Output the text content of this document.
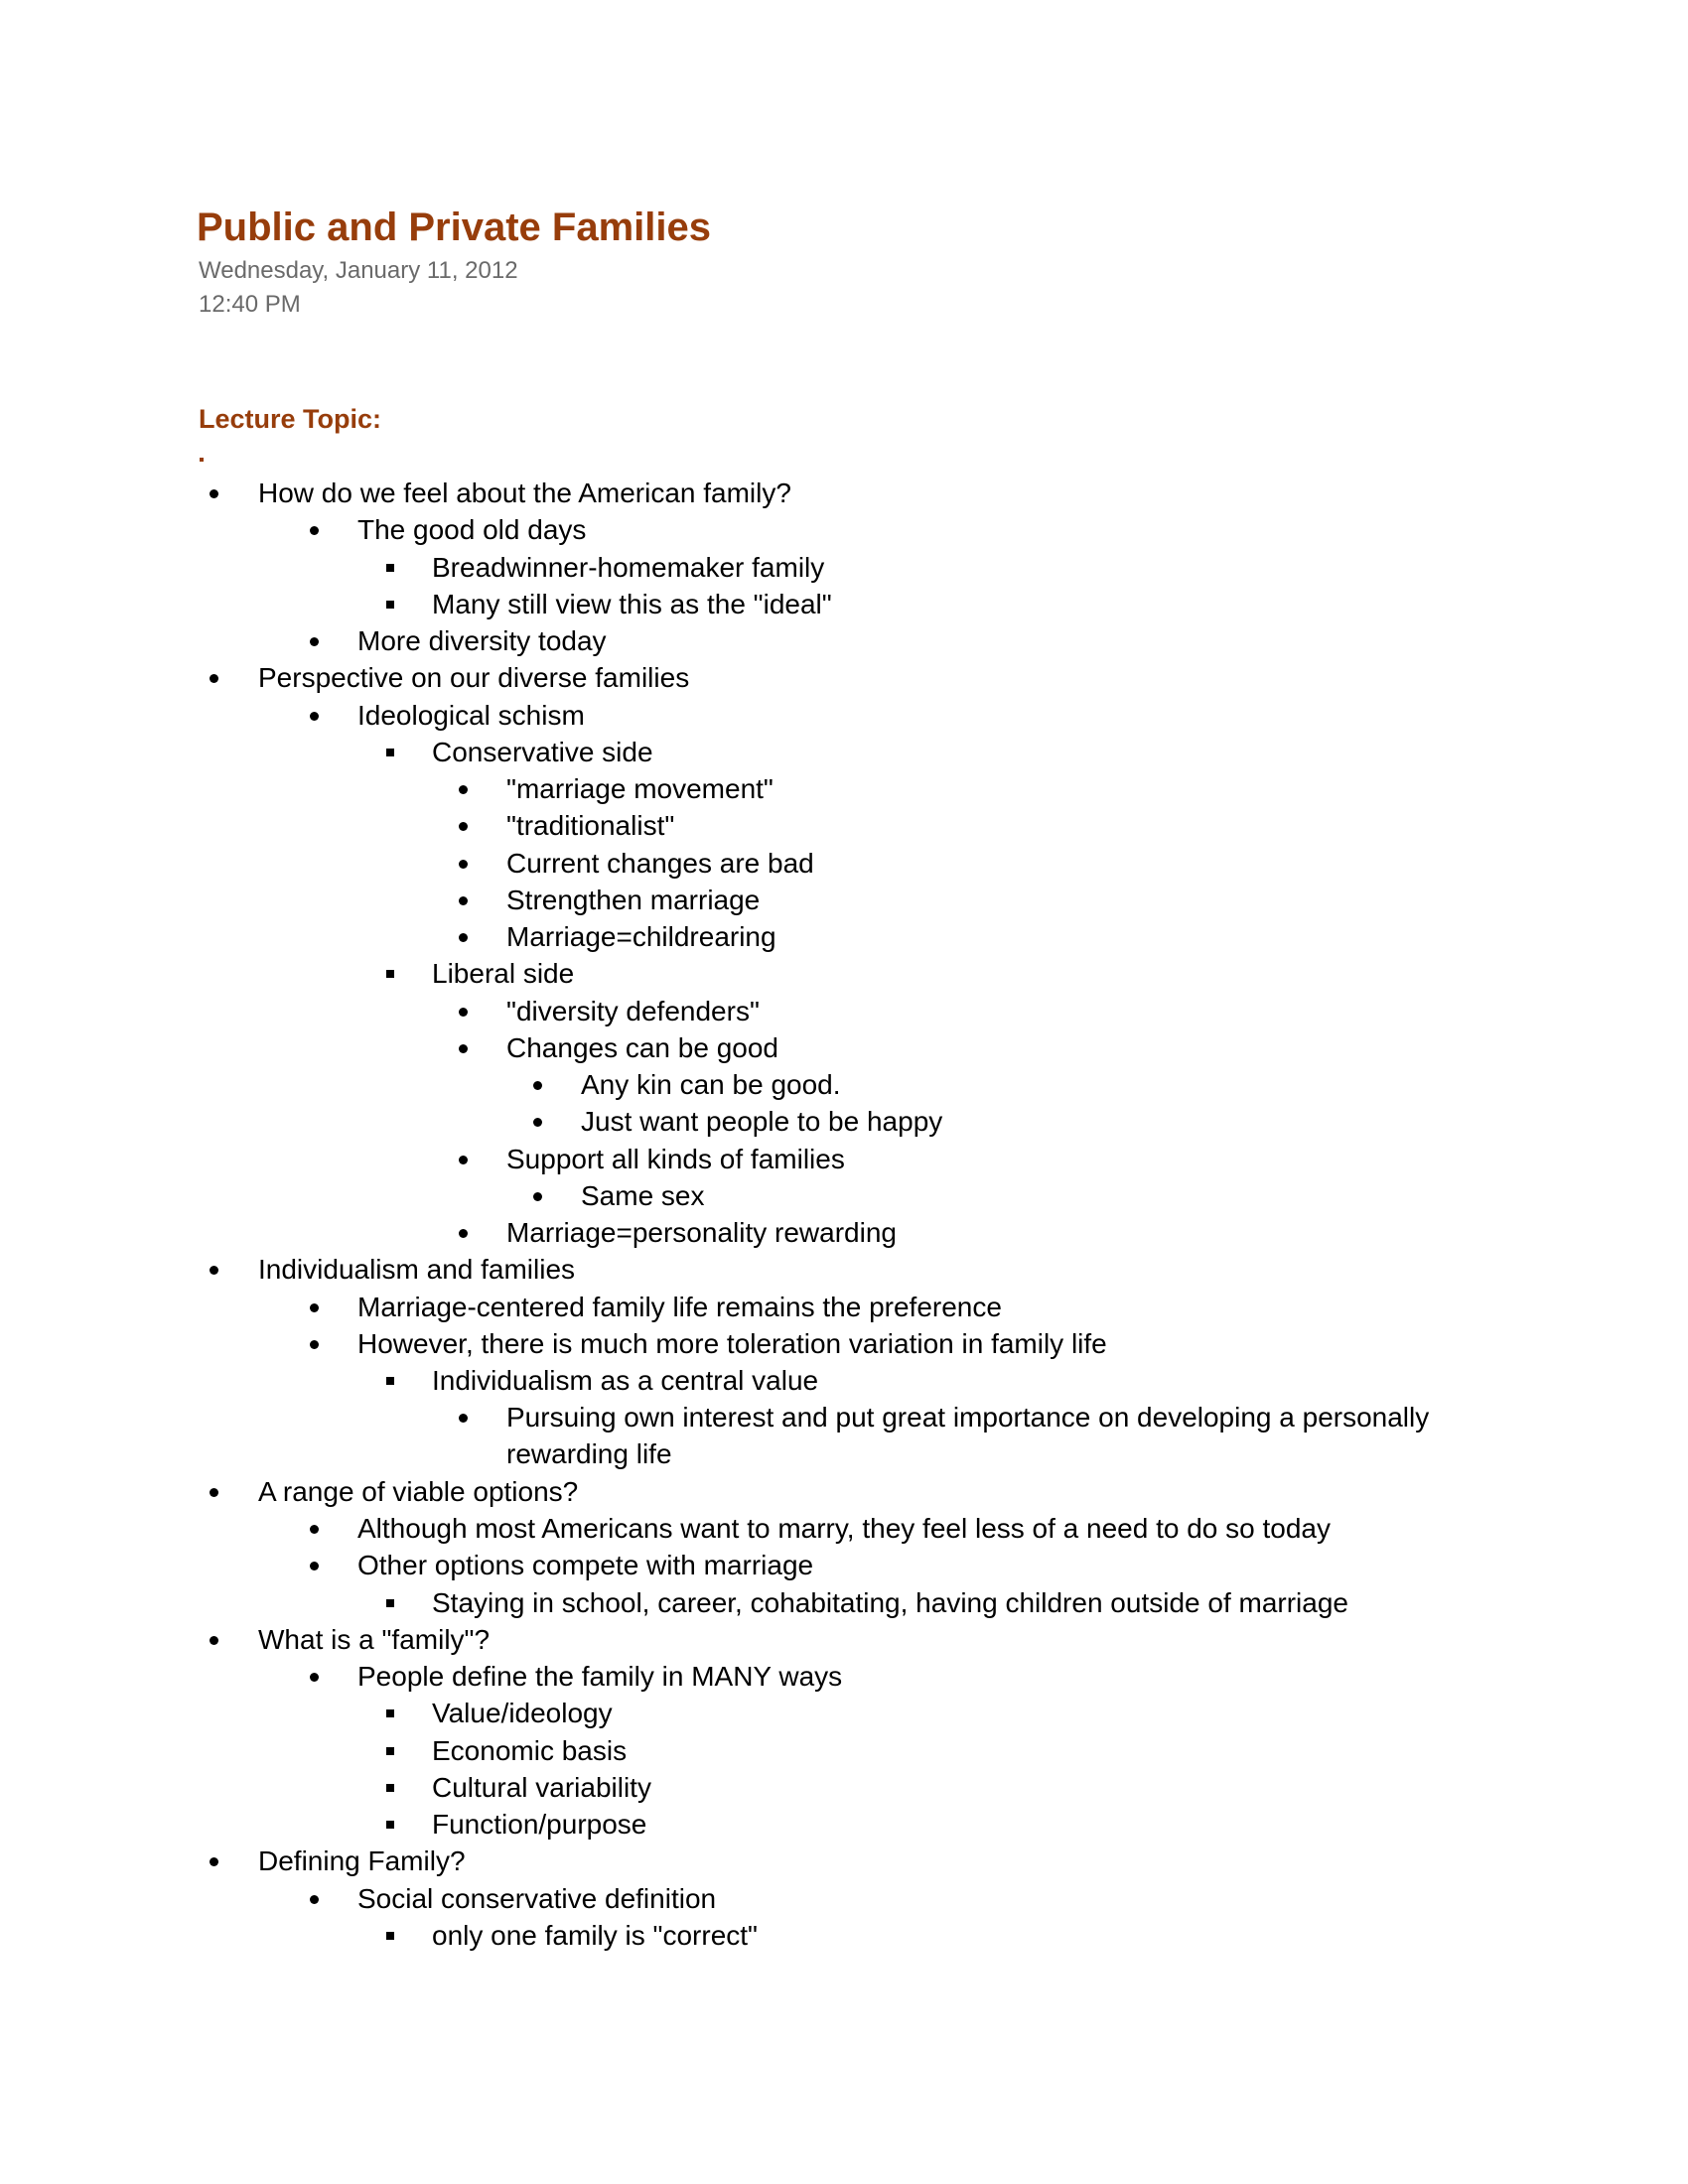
Public and Private Families
Wednesday, January 11, 2012
12:40 PM
Lecture Topic:
How do we feel about the American family?
The good old days
Breadwinner-homemaker family
Many still view this as the "ideal"
More diversity today
Perspective on our diverse families
Ideological schism
Conservative side
"marriage movement"
"traditionalist"
Current changes are bad
Strengthen marriage
Marriage=childrearing
Liberal side
"diversity defenders"
Changes can be good
Any kin can be good.
Just want people to be happy
Support all kinds of families
Same sex
Marriage=personality rewarding
Individualism and families
Marriage-centered family life remains the preference
However, there is much more toleration variation in family life
Individualism as a central value
Pursuing own interest and put great importance on developing a personally rewarding life
A range of viable options?
Although most Americans want to marry, they feel less of a need to do so today
Other options compete with marriage
Staying in school, career, cohabitating, having children outside of marriage
What is a "family"?
People define the family in MANY ways
Value/ideology
Economic basis
Cultural variability
Function/purpose
Defining Family?
Social conservative definition
only one family is "correct"
